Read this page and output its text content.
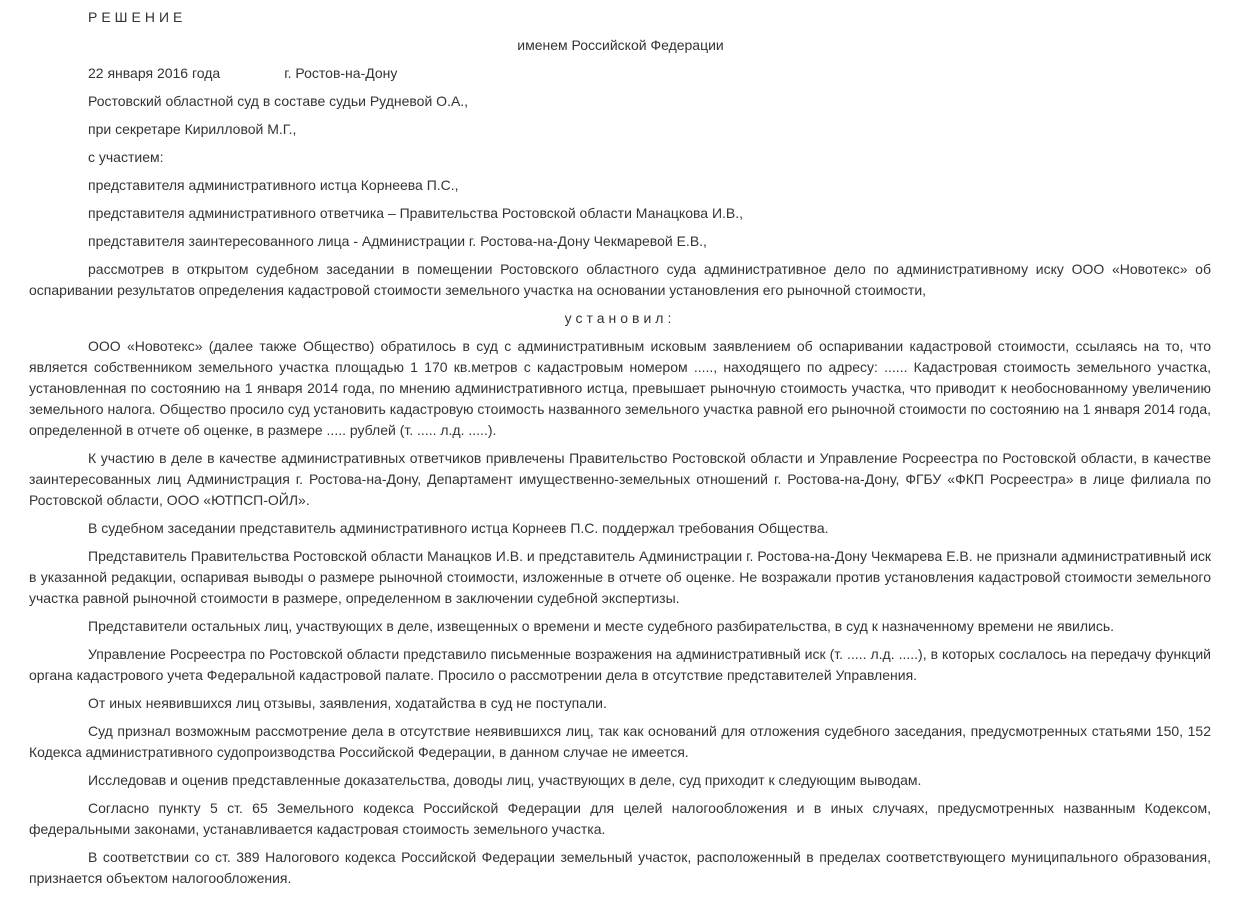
РЕШЕНИЕ
именем Российской Федерации
22 января 2016 года	г. Ростов-на-Дону
Ростовский областной суд в составе судьи Рудневой О.А.,
при секретаре Кирилловой М.Г.,
с участием:
представителя административного истца Корнеева П.С.,
представителя административного ответчика – Правительства Ростовской области Манацкова И.В.,
представителя заинтересованного лица - Администрации г. Ростова-на-Дону Чекмаревой Е.В.,
рассмотрев в открытом судебном заседании в помещении Ростовского областного суда административное дело по административному иску ООО «Новотекс» об оспаривании результатов определения кадастровой стоимости земельного участка на основании установления его рыночной стоимости,
установил:
ООО «Новотекс» (далее также Общество) обратилось в суд с административным исковым заявлением об оспаривании кадастровой стоимости, ссылаясь на то, что является собственником земельного участка площадью 1 170 кв.метров с кадастровым номером ....., находящего по адресу: ...... Кадастровая стоимость земельного участка, установленная по состоянию на 1 января 2014 года, по мнению административного истца, превышает рыночную стоимость участка, что приводит к необоснованному увеличению земельного налога. Общество просило суд установить кадастровую стоимость названного земельного участка равной его рыночной стоимости по состоянию на 1 января 2014 года, определенной в отчете об оценке, в размере ..... рублей (т. ..... л.д. .....).
К участию в деле в качестве административных ответчиков привлечены Правительство Ростовской области и Управление Росреестра по Ростовской области, в качестве заинтересованных лиц Администрация г. Ростова-на-Дону, Департамент имущественно-земельных отношений г. Ростова-на-Дону, ФГБУ «ФКП Росреестра» в лице филиала по Ростовской области, ООО «ЮТПСП-ОЙЛ».
В судебном заседании представитель административного истца Корнеев П.С. поддержал требования Общества.
Представитель Правительства Ростовской области Манацков И.В. и представитель Администрации г. Ростова-на-Дону Чекмарева Е.В. не признали административный иск в указанной редакции, оспаривая выводы о размере рыночной стоимости, изложенные в отчете об оценке. Не возражали против установления кадастровой стоимости земельного участка равной рыночной стоимости в размере, определенном в заключении судебной экспертизы.
Представители остальных лиц, участвующих в деле, извещенных о времени и месте судебного разбирательства, в суд к назначенному времени не явились.
Управление Росреестра по Ростовской области представило письменные возражения на административный иск (т. ..... л.д. .....), в которых сослалось на передачу функций органа кадастрового учета Федеральной кадастровой палате. Просило о рассмотрении дела в отсутствие представителей Управления.
От иных неявившихся лиц отзывы, заявления, ходатайства в суд не поступали.
Суд признал возможным рассмотрение дела в отсутствие неявившихся лиц, так как оснований для отложения судебного заседания, предусмотренных статьями 150, 152 Кодекса административного судопроизводства Российской Федерации, в данном случае не имеется.
Исследовав и оценив представленные доказательства, доводы лиц, участвующих в деле, суд приходит к следующим выводам.
Согласно пункту 5 ст. 65 Земельного кодекса Российской Федерации для целей налогообложения и в иных случаях, предусмотренных названным Кодексом, федеральными законами, устанавливается кадастровая стоимость земельного участка.
В соответствии со ст. 389 Налогового кодекса Российской Федерации земельный участок, расположенный в пределах соответствующего муниципального образования, признается объектом налогообложения.
